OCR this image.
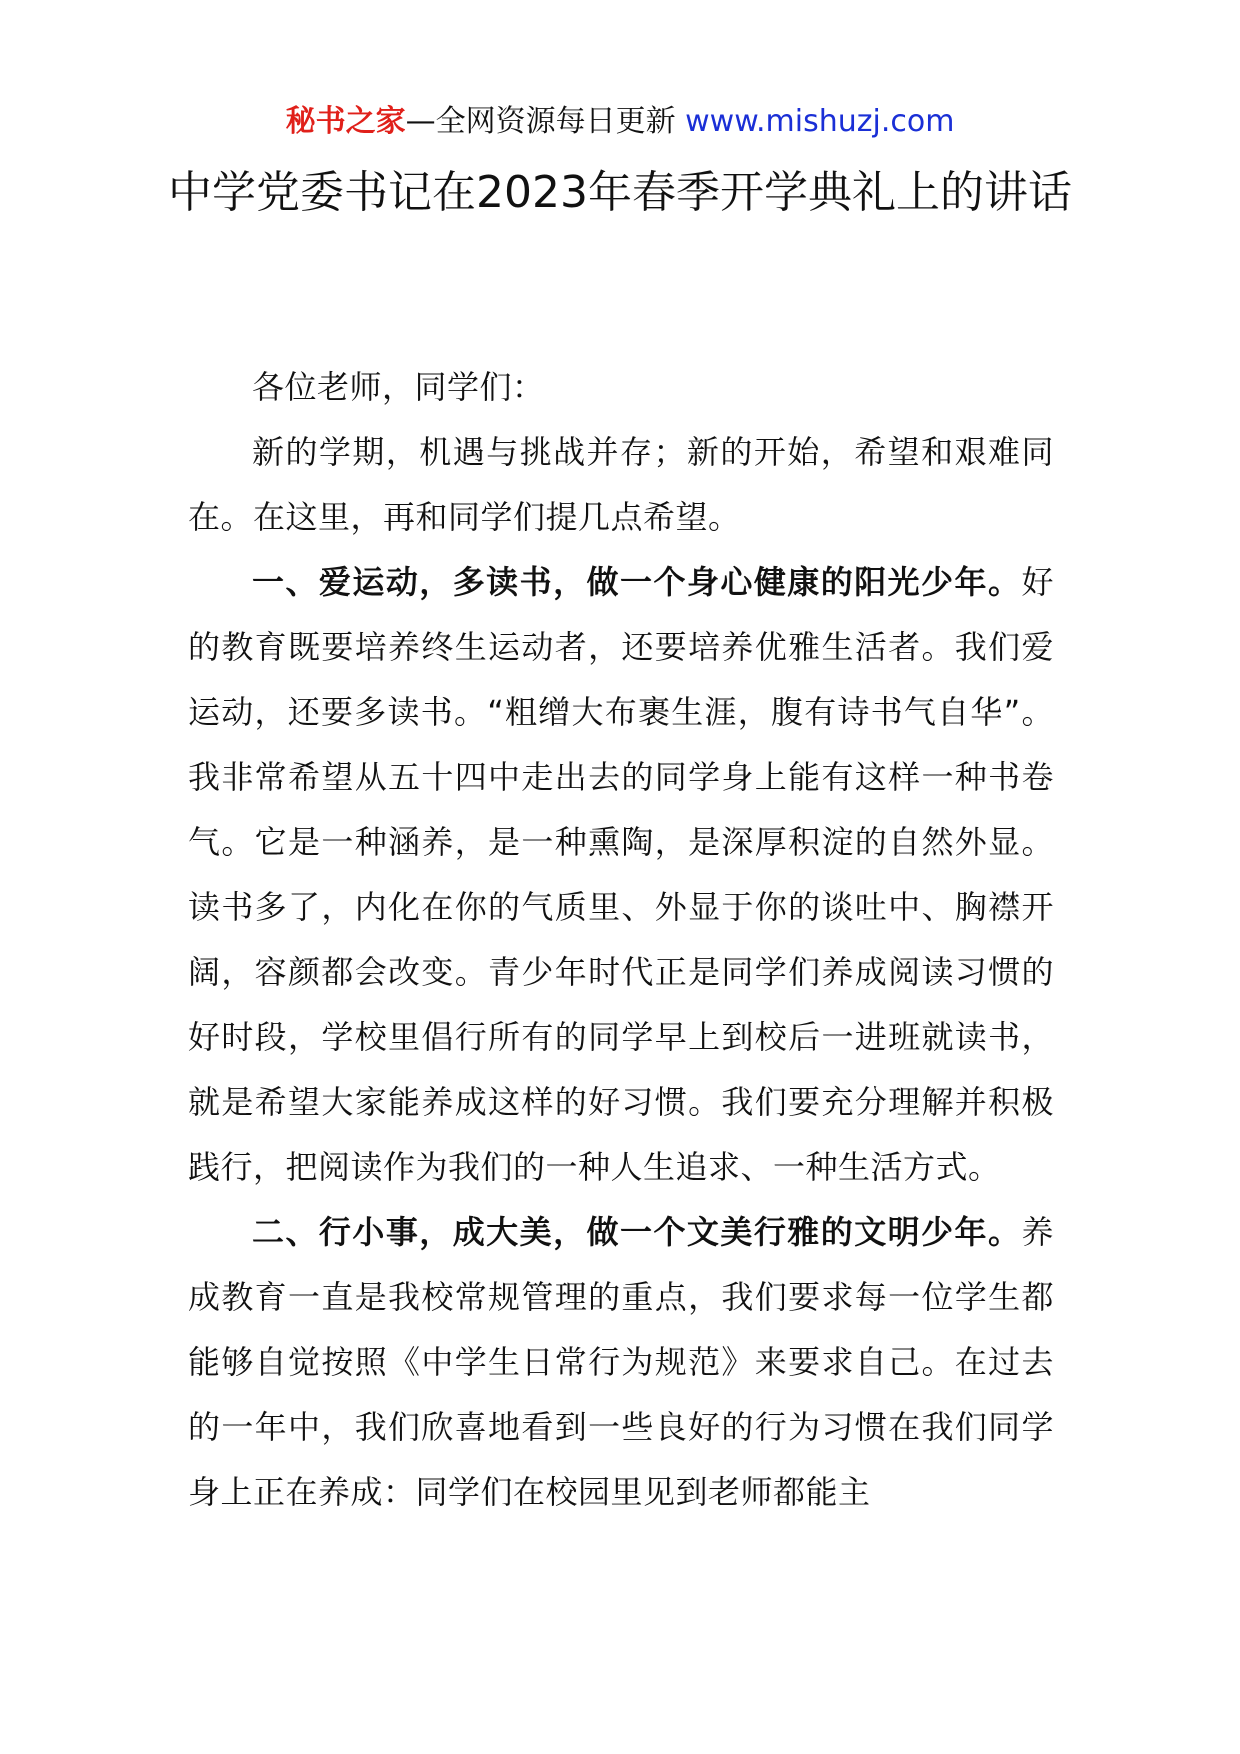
秘书之家—全网资源每日更新 www.mishuzj.com
中学党委书记在2023年春季开学典礼上的讲话

各位老师，同学们：

新的学期，机遇与挑战并存；新的开始，希望和艰难同在。在这里，再和同学们提几点希望。

一、爱运动，多读书，做一个身心健康的阳光少年。好的教育既要培养终生运动者，还要培养优雅生活者。我们爱运动，还要多读书。“粗缯大布裹生涯，腹有诗书气自华”。我非常希望从五十四中走出去的同学身上能有这样一种书卷气。它是一种涵养，是一种熏陶，是深厚积淀的自然外显。读书多了，内化在你的气质里、外显于你的谈吐中、胸襟开阔，容颜都会改变。青少年时代正是同学们养成阅读习惯的好时段，学校里倡行所有的同学早上到校后一进班就读书，就是希望大家能养成这样的好习惯。我们要充分理解并积极践行，把阅读作为我们的一种人生追求、一种生活方式。

二、行小事，成大美，做一个文美行雅的文明少年。养成教育一直是我校常规管理的重点，我们要求每一位学生都能够自觉按照《中学生日常行为规范》来要求自己。在过去的一年中，我们欣喜地看到一些良好的行为习惯在我们同学身上正在养成：同学们在校园里见到老师都能主
